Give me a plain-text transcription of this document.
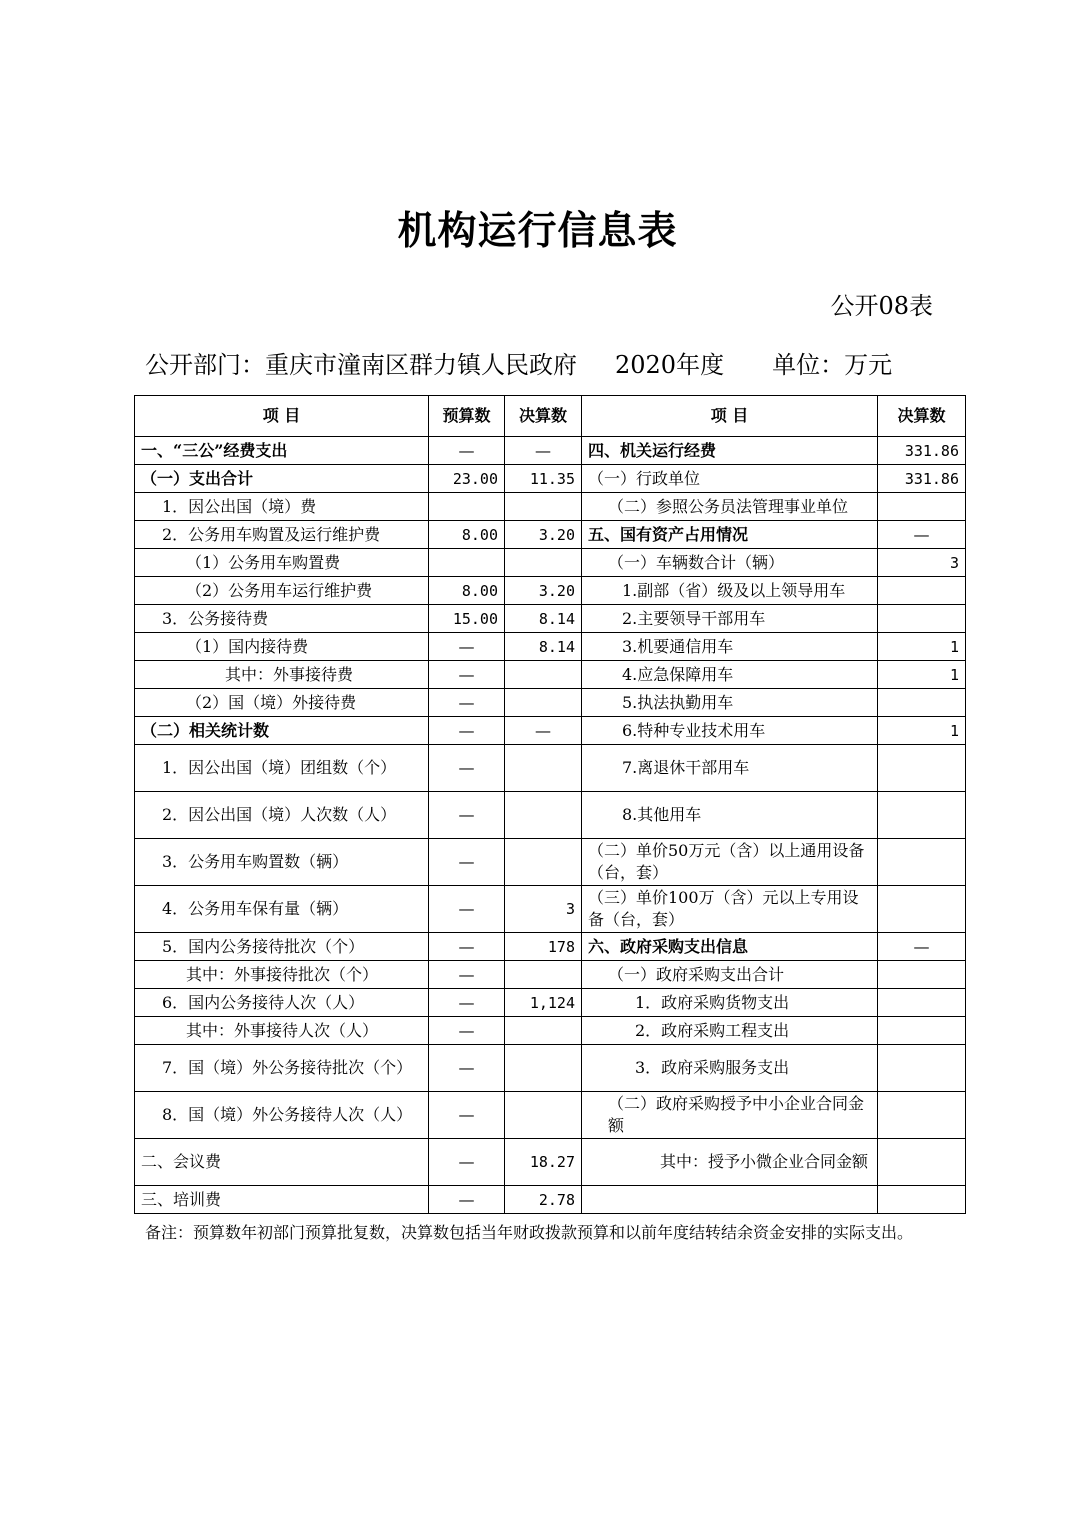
机构运行信息表
公开08表
公开部门：重庆市潼南区群力镇人民政府 2020年度 单位：万元
项 目	预算数	决算数	项 目	决算数
一、“三公”经费支出	—	—	四、机关运行经费	331.86
（一）支出合计	23.00	11.35	（一）行政单位	331.86
1．因公出国（境）费			（二）参照公务员法管理事业单位	
2．公务用车购置及运行维护费	8.00	3.20	五、国有资产占用情况	—
（1）公务用车购置费			（一）车辆数合计（辆）	3
（2）公务用车运行维护费	8.00	3.20	1.副部（省）级及以上领导用车	
3．公务接待费	15.00	8.14	2.主要领导干部用车	
（1）国内接待费	—	8.14	3.机要通信用车	1
其中：外事接待费	—		4.应急保障用车	1
（2）国（境）外接待费	—		5.执法执勤用车	
（二）相关统计数	—	—	6.特种专业技术用车	1
1．因公出国（境）团组数（个）	—		7.离退休干部用车	
2．因公出国（境）人次数（人）	—		8.其他用车	
3．公务用车购置数（辆）	—		（二）单价50万元（含）以上通用设备（台，套）	
4．公务用车保有量（辆）	—	3	（三）单价100万（含）元以上专用设备（台，套）	
5．国内公务接待批次（个）	—	178	六、政府采购支出信息	—
其中：外事接待批次（个）	—		（一）政府采购支出合计	
6．国内公务接待人次（人）	—	1,124	1．政府采购货物支出	
其中：外事接待人次（人）	—		2．政府采购工程支出	
7．国（境）外公务接待批次（个）	—		3．政府采购服务支出	
8．国（境）外公务接待人次（人）	—		（二）政府采购授予中小企业合同金额	
二、会议费	—	18.27	其中：授予小微企业合同金额	

三、培训费	—	2.78		
备注：预算数年初部门预算批复数，决算数包括当年财政拨款预算和以前年度结转结余资金安排的实际支出。
